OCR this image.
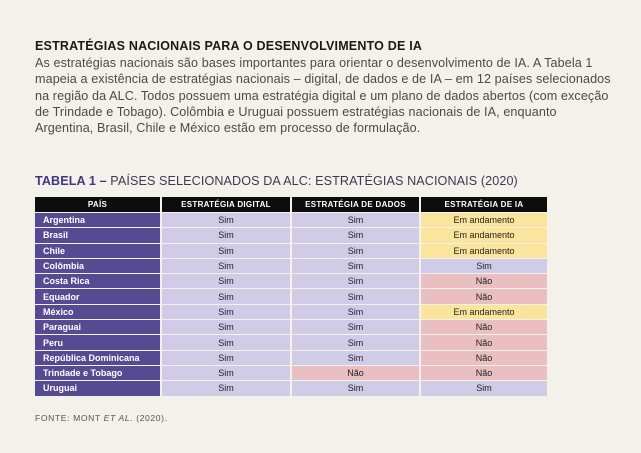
ESTRATÉGIAS NACIONAIS PARA O DESENVOLVIMENTO DE IA
As estratégias nacionais são bases importantes para orientar o desenvolvimento de IA. A Tabela 1 mapeia a existência de estratégias nacionais – digital, de dados e de IA – em 12 países selecionados na região da ALC. Todos possuem uma estratégia digital e um plano de dados abertos (com exceção de Trindade e Tobago). Colômbia e Uruguai possuem estratégias nacionais de IA, enquanto Argentina, Brasil, Chile e México estão em processo de formulação.
TABELA 1 – PAÍSES SELECIONADOS DA ALC: ESTRATÉGIAS NACIONAIS (2020)
PAÍS	ESTRATÉGIA DIGITAL	ESTRATÉGIA DE DADOS	ESTRATÉGIA DE IA
Argentina	Sim	Sim	Em andamento
Brasil	Sim	Sim	Em andamento
Chile	Sim	Sim	Em andamento
Colômbia	Sim	Sim	Sim
Costa Rica	Sim	Sim	Não
Equador	Sim	Sim	Não
México	Sim	Sim	Em andamento
Paraguai	Sim	Sim	Não
Peru	Sim	Sim	Não
República Dominicana	Sim	Sim	Não
Trindade e Tobago	Sim	Não	Não
Uruguai	Sim	Sim	Sim
FONTE: MONT ET AL. (2020).
